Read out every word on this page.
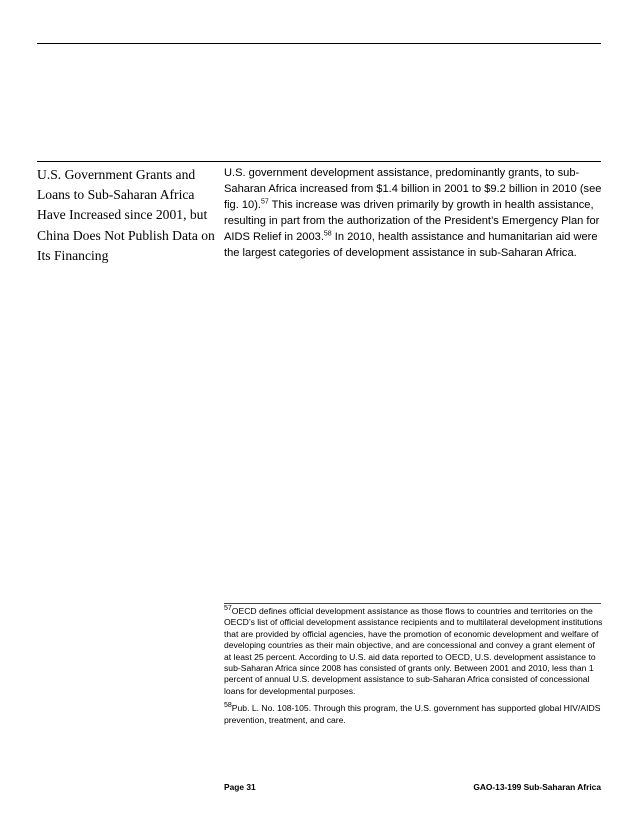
U.S. Government Grants and Loans to Sub-Saharan Africa Have Increased since 2001, but China Does Not Publish Data on Its Financing

U.S. government development assistance, predominantly grants, to sub-Saharan Africa increased from $1.4 billion in 2001 to $9.2 billion in 2010 (see fig. 10).$^{57}$ This increase was driven primarily by growth in health assistance, resulting in part from the authorization of the President’s Emergency Plan for AIDS Relief in 2003.58 In 2010, health assistance and humanitarian aid were the largest categories of development assistance in sub-Saharan Africa.

$^{57}$OECD defines official development assistance as those flows to countries and territories on the OECD’s list of official development assistance recipients and to multilateral development institutions that are provided by official agencies, have the promotion of economic development and welfare of developing countries as their main objective, and are concessional and convey a grant element of at least 25 percent. According to U.S. aid data reported to OECD, U.S. development assistance to sub-Saharan Africa since 2008 has consisted of grants only. Between 2001 and 2010, less than 1 percent of annual U.S. development assistance to sub-Saharan Africa consisted of concessional loans for developmental purposes.

$^{58}$Pub. L. No. 108-105. Through this program, the U.S. government has supported global HIV/AIDS prevention, treatment, and care.

Page 31	GAO-13-199 Sub-Saharan Africa
